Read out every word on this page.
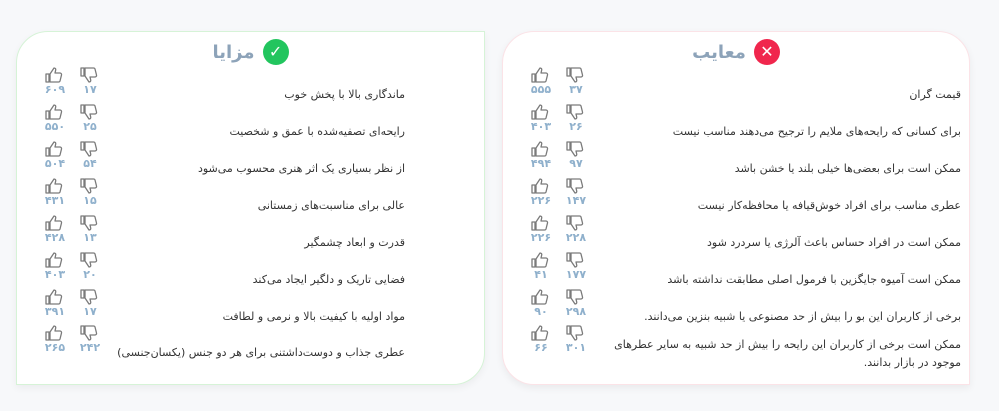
✕
معایب
قیمت گران
۵۵۵	۳۷
برای کسانی که رایحه‌های ملایم را ترجیح می‌دهند مناسب نیست
۴۰۳	۲۶
ممکن است برای بعضی‌ها خیلی بلند یا خشن باشد
۴۹۴	۹۷
عطری مناسب برای افراد خوش‌قیافه یا محافظه‌کار نیست
۲۲۶ ۱۴۷
ممکن است در افراد حساس باعث آلرژی یا سردرد شود
۲۲۶ ۲۲۸
ممکن است آمیوه جایگزین با فرمول اصلی مطابقت نداشته باشد
۴۱	۱۷۷
برخی از کاربران این بو را بیش از حد مصنوعی یا شبیه بنزین می‌دانند.
۹۰	۲۹۸
ممکن است برخی از کاربران این رایحه را بیش از حد شبیه به سایر عطرهای موجود در بازار بدانند.
۶۶	۳۰۱
✓
مزایا
ماندگاری بالا با پخش خوب
۶۰۹	۱۷
رایحه‌ای تصفیه‌شده با عمق و شخصیت
۵۵۰	۲۵
از نظر بسیاری یک اثر هنری محسوب می‌شود
۵۰۴	۵۴
عالی برای مناسبت‌های زمستانی
۴۳۱	۱۵
قدرت و ابعاد چشمگیر
۴۲۸	۱۳
فضایی تاریک و دلگیر ایجاد می‌کند
۴۰۳	۲۰
مواد اولیه با کیفیت بالا و نرمی و لطافت
۳۹۱	۱۷
عطری جذاب و دوست‌داشتنی برای هر دو جنس (یکسان‌جنسی)
۲۶۵ ۲۴۲
